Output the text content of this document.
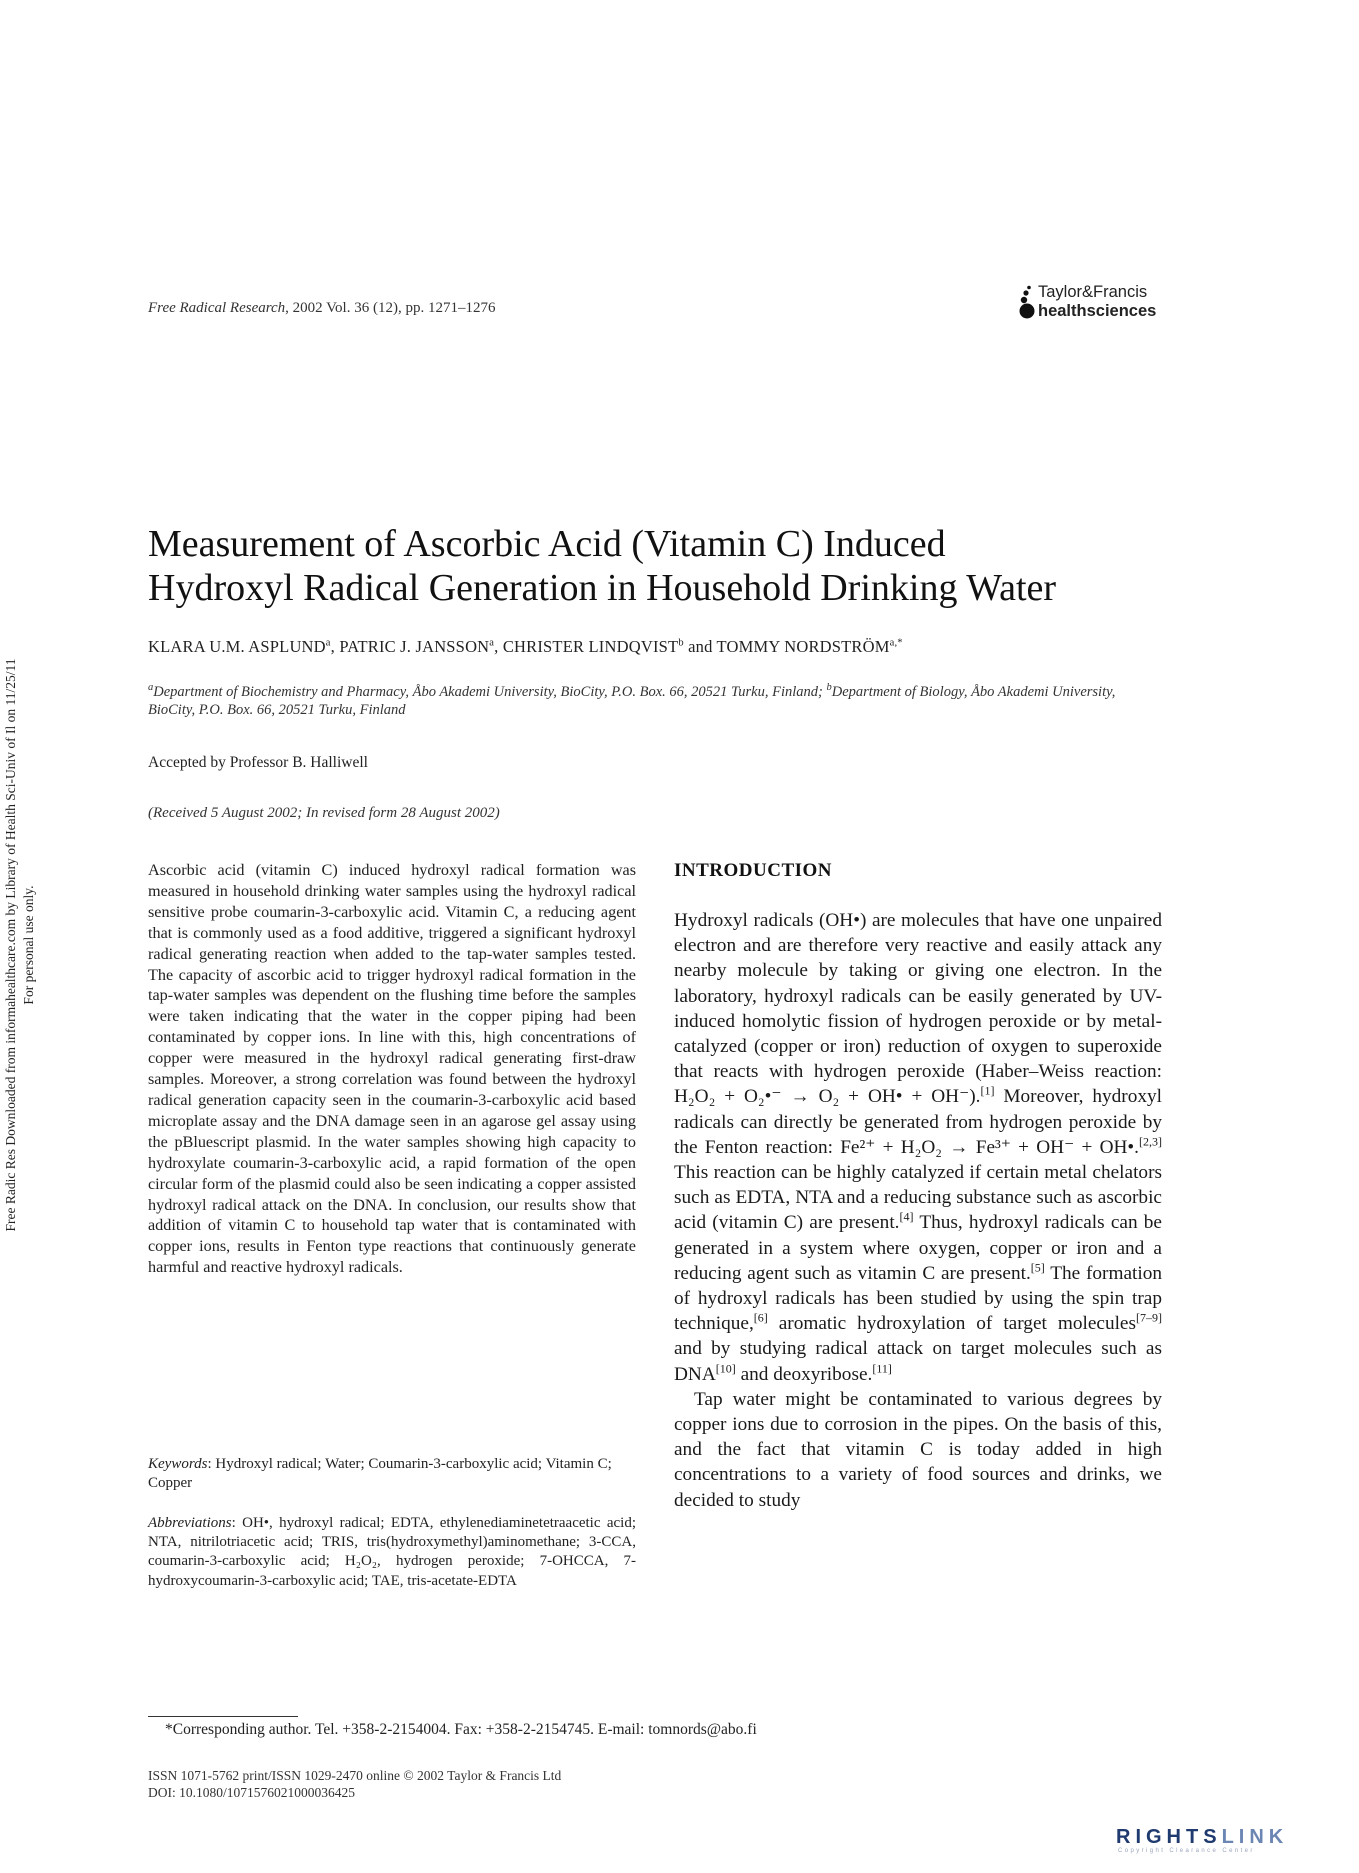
Free Radic Res Downloaded from informahealthcare.com by Library of Health Sci-Univ of Il on 11/25/11 For personal use only.
Free Radical Research, 2002 Vol. 36 (12), pp. 1271–1276
Taylor&Francis
healthsciences
Measurement of Ascorbic Acid (Vitamin C) Induced
Hydroxyl Radical Generation in Household Drinking Water
KLARA U.M. ASPLUND$^a$, PATRIC J. JANSSON$^a$, CHRISTER LINDQVIST$^b$ and TOMMY $NORDSTRÖM^{a,*}$
$^a$Department of Biochemistry and Pharmacy, Åbo Akademi University, BioCity, P.O. Box. 66, 20521 Turku, Finland; $^b$Department of Biology, Åbo Akademi University, BioCity, P.O. Box. 66, 20521 Turku, Finland
Accepted by Professor B. Halliwell
(Received 5 August 2002; In revised form 28 August 2002)
Ascorbic acid (vitamin C) induced hydroxyl radical formation was measured in household drinking water samples using the hydroxyl radical sensitive probe coumarin-3-carboxylic acid. Vitamin C, a reducing agent that is commonly used as a food additive, triggered a significant hydroxyl radical generating reaction when added to the tap-water samples tested. The capacity of ascorbic acid to trigger hydroxyl radical formation in the tap-water samples was dependent on the flushing time before the samples were taken indicating that the water in the copper piping had been contaminated by copper ions. In line with this, high concentrations of copper were measured in the hydroxyl radical generating first-draw samples. Moreover, a strong correlation was found between the hydroxyl radical generation capacity seen in the coumarin-3-carboxylic acid based microplate assay and the DNA damage seen in an agarose gel assay using the pBluescript plasmid. In the water samples showing high capacity to hydroxylate coumarin-3-carboxylic acid, a rapid formation of the open circular form of the plasmid could also be seen indicating a copper assisted hydroxyl radical attack on the DNA. In conclusion, our results show that addition of vitamin C to household tap water that is contaminated with copper ions, results in Fenton type reactions that continuously generate harmful and reactive hydroxyl radicals.
Keywords: Hydroxyl radical; Water; Coumarin-3-carboxylic acid; Vitamin C; Copper
Abbreviations: OH•, hydroxyl radical; EDTA, ethylenediaminetetraacetic acid; NTA, nitrilotriacetic acid; TRIS, tris(hydroxymethyl)aminomethane; 3-CCA, coumarin-3-carboxylic acid; H₂O₂, hydrogen peroxide; 7-OHCCA, 7-hydroxycoumarin-3-carboxylic acid; TAE, tris-acetate-EDTA
INTRODUCTION

Hydroxyl radicals (OH•) are molecules that have one unpaired electron and are therefore very reactive and easily attack any nearby molecule by taking or giving one electron. In the laboratory, hydroxyl radicals can be easily generated by UV-induced homolytic fission of hydrogen peroxide or by metal-catalyzed (copper or iron) reduction of oxygen to superoxide that reacts with hydrogen peroxide (Haber–Weiss reaction: H₂O₂ + O₂•⁻ → O₂ + OH• + OH⁻).[1] Moreover, hydroxyl radicals can directly be generated from hydrogen peroxide by the Fenton reaction: Fe²⁺ + H₂O₂ → Fe³⁺ + OH⁻ + OH•.[2,3] This reaction can be highly catalyzed if certain metal chelators such as EDTA, NTA and a reducing substance such as ascorbic acid (vitamin C) are present.[4] Thus, hydroxyl radicals can be generated in a system where oxygen, copper or iron and a reducing agent such as vitamin C are present.[5] The formation of hydroxyl radicals has been studied by using the spin trap technique,[6] aromatic hydroxylation of target molecules[7–9] and by studying radical attack on target molecules such as DNA[10] and deoxyribose.[11]

Tap water might be contaminated to various degrees by copper ions due to corrosion in the pipes. On the basis of this, and the fact that vitamin C is today added in high concentrations to a variety of food sources and drinks, we decided to study

*Corresponding author. Tel. +358-2-2154004. Fax: +358-2-2154745. E-mail: tomnords@abo.fi
ISSN 1071-5762 print/ISSN 1029-2470 online © 2002 Taylor & Francis Ltd
DOI: 10.1080/1071576021000036425
RIGHTSLINK
Copyright Clearance Center
